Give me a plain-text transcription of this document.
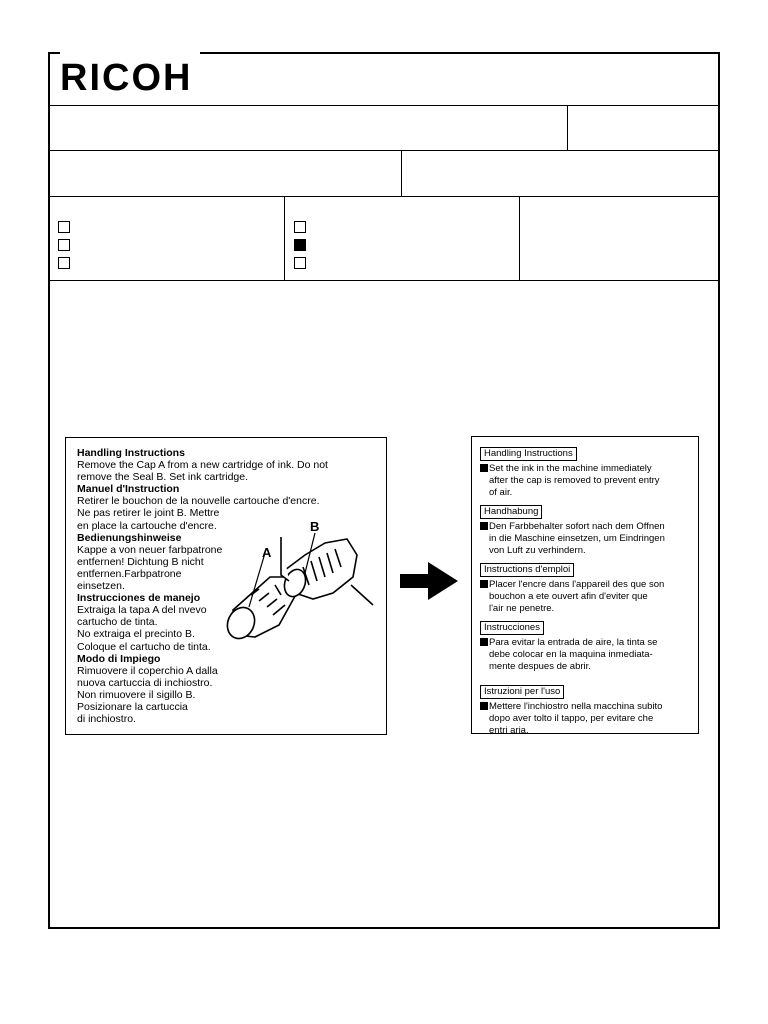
RICOH
Handling Instructions
Remove the Cap A from a new cartridge of ink. Do not
remove the Seal B. Set ink cartridge.
Manuel d'Instruction
Retirer le bouchon de la nouvelle cartouche d'encre.
Ne pas retirer le joint B. Mettre
en place la cartouche d'encre.
Bedienungshinweise
Kappe a von neuer farbpatrone
entfernen! Dichtung B nicht
entfernen.Farbpatrone
einsetzen.
Instrucciones de manejo
Extraiga la tapa A del nvevo
cartucho de tinta.
No extraiga el precinto B.
Coloque el cartucho de tinta.
Modo di Impiego
Rimuovere il coperchio A dalla
nuova cartuccia di inchiostro.
Non rimuovere il sigillo B.
Posizionare la cartuccia
di inchiostro.
A
B
Handling Instructions
Set the ink in the machine immediately
after the cap is removed to prevent entry
of air.
Handhabung
Den Farbbehalter sofort nach dem Offnen
in die Maschine einsetzen, um Eindringen
von Luft zu verhindern.
Instructions d'emploi
Placer l'encre dans l'appareil des que son
bouchon a ete ouvert afin d'eviter que
l'air ne penetre.
Instrucciones
Para evitar la entrada de aire, la tinta se
debe colocar en la maquina inmediata-
mente despues de abrir.
Istruzioni per l'uso
Mettere l'inchiostro nella macchina subito
dopo aver tolto il tappo, per evitare che
entri aria.
